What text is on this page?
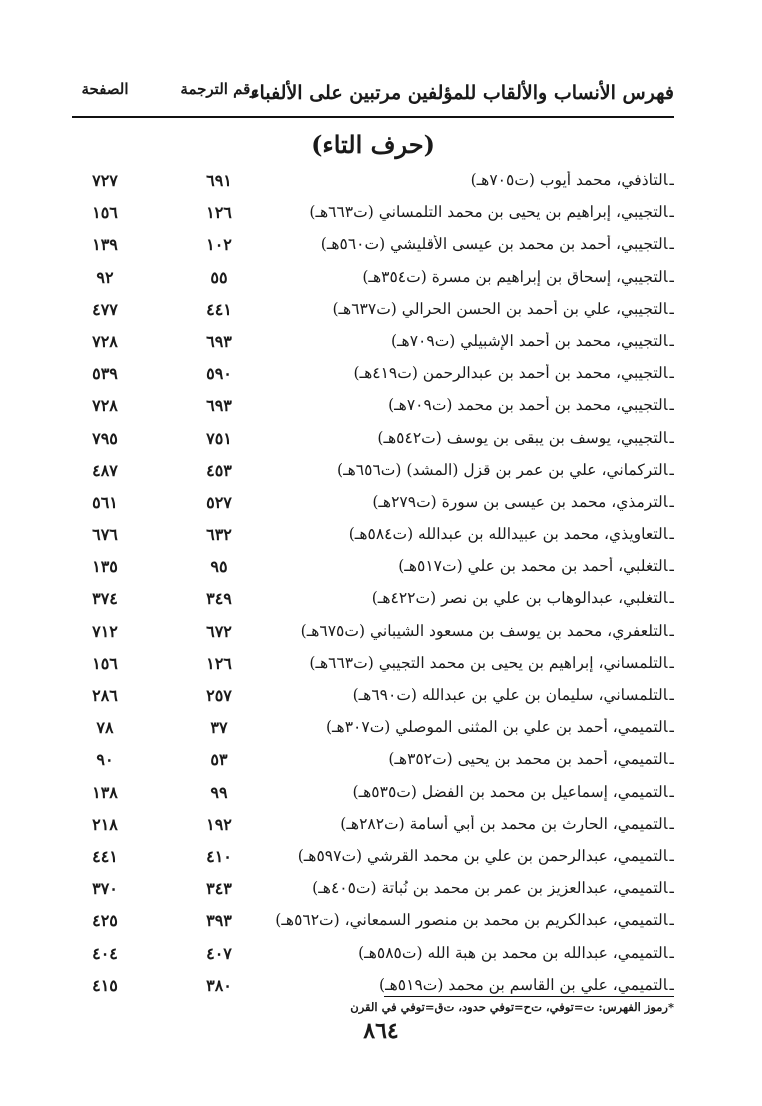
فهرس الأنساب والألقاب للمؤلفين مرتبين على الألفباء
رقم الترجمة
الصفحة
(حرف التاء)
ـالتاذفي، محمد أيوب (ت٧٠٥هـ)
٦٩١
٧٢٧
ـالتجيبي، إبراهيم بن يحيى بن محمد التلمساني (ت٦٦٣هـ)
١٢٦
١٥٦
ـالتجيبي، أحمد بن محمد بن عيسى الأقليشي (ت٥٦٠هـ)
١٠٢
١٣٩
ـالتجيبي، إسحاق بن إبراهيم بن مسرة (ت٣٥٤هـ)
٥٥
٩٢
ـالتجيبي، علي بن أحمد بن الحسن الحرالي (ت٦٣٧هـ)
٤٤١
٤٧٧
ـالتجيبي، محمد بن أحمد الإشبيلي (ت٧٠٩هـ)
٦٩٣
٧٢٨
ـالتجيبي، محمد بن أحمد بن عبدالرحمن (ت٤١٩هـ)
٥٩٠
٥٣٩
ـالتجيبي، محمد بن أحمد بن محمد (ت٧٠٩هـ)
٦٩٣
٧٢٨
ـالتجيبي، يوسف بن يبقى بن يوسف (ت٥٤٢هـ)
٧٥١
٧٩٥
ـالتركماني، علي بن عمر بن قزل (المشد) (ت٦٥٦هـ)
٤٥٣
٤٨٧
ـالترمذي، محمد بن عيسى بن سورة (ت٢٧٩هـ)
٥٢٧
٥٦١
ـالتعاويذي، محمد بن عبيدالله بن عبدالله (ت٥٨٤هـ)
٦٣٢
٦٧٦
ـالتغلبي، أحمد بن محمد بن علي (ت٥١٧هـ)
٩٥
١٣٥
ـالتغلبي، عبدالوهاب بن علي بن نصر (ت٤٢٢هـ)
٣٤٩
٣٧٤
ـالتلعفري، محمد بن يوسف بن مسعود الشيباني (ت٦٧٥هـ)
٦٧٢
٧١٢
ـالتلمساني، إبراهيم بن يحيى بن محمد التجيبي (ت٦٦٣هـ)
١٢٦
١٥٦
ـالتلمساني، سليمان بن علي بن عبدالله (ت٦٩٠هـ)
٢٥٧
٢٨٦
ـالتميمي، أحمد بن علي بن المثنى الموصلي (ت٣٠٧هـ)
٣٧
٧٨
ـالتميمي، أحمد بن محمد بن يحيى (ت٣٥٢هـ)
٥٣
٩٠
ـالتميمي، إسماعيل بن محمد بن الفضل (ت٥٣٥هـ)
٩٩
١٣٨
ـالتميمي، الحارث بن محمد بن أبي أسامة (ت٢٨٢هـ)
١٩٢
٢١٨
ـالتميمي، عبدالرحمن بن علي بن محمد القرشي (ت٥٩٧هـ)
٤١٠
٤٤١
ـالتميمي، عبدالعزيز بن عمر بن محمد بن نُباتة (ت٤٠٥هـ)
٣٤٣
٣٧٠
ـالتميمي، عبدالكريم بن محمد بن منصور السمعاني، (ت٥٦٢هـ)
٣٩٣
٤٢٥
ـالتميمي، عبدالله بن محمد بن هبة الله (ت٥٨٥هـ)
٤٠٧
٤٠٤
ـالتميمي، علي بن القاسم بن محمد (ت٥١٩هـ)
٣٨٠
٤١٥
*رموز الفهرس: ت=توفي، ت‌ح=توفي حدود، ت‌ق=توفي في القرن
٨٦٤
